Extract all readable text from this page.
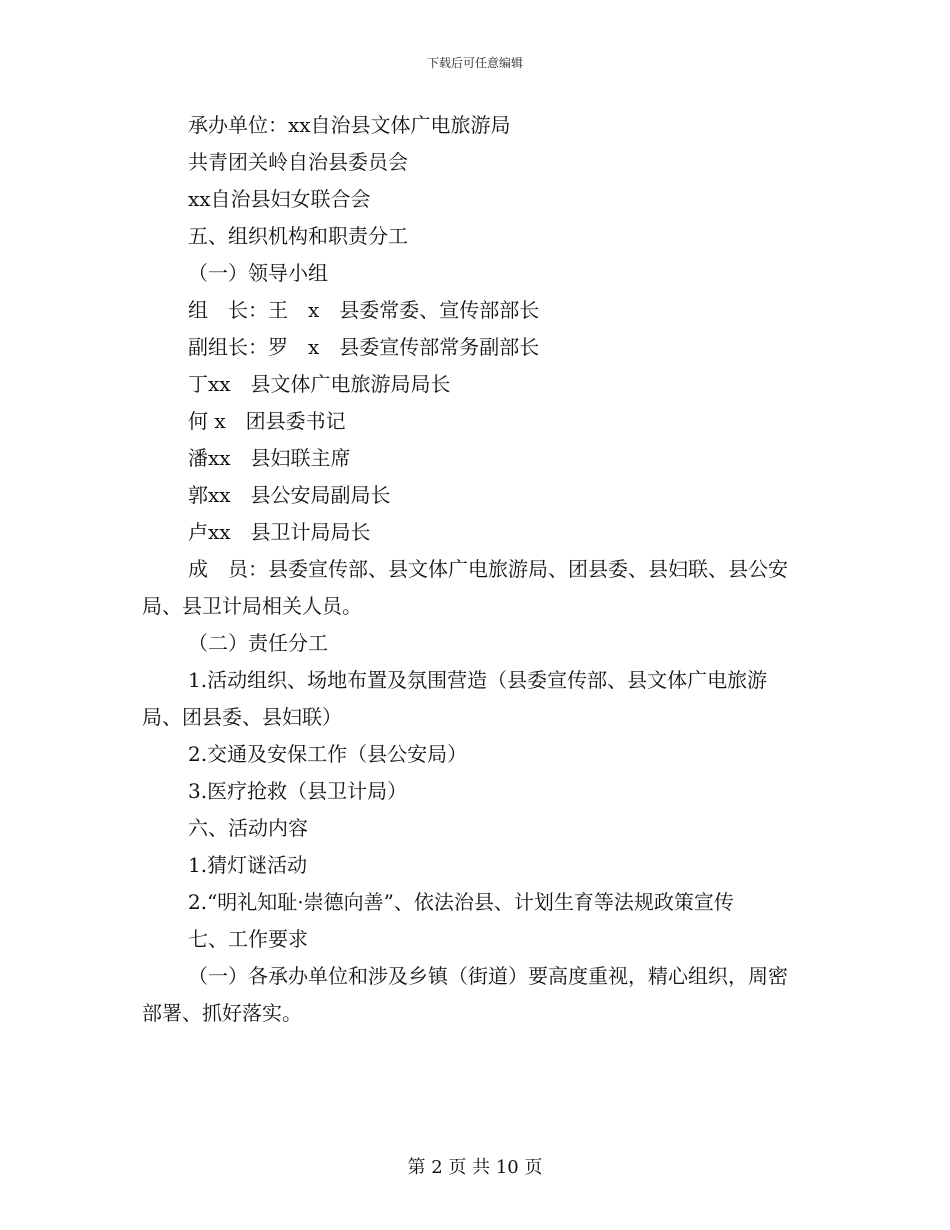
下载后可任意编辑

承办单位：xx自治县文体广电旅游局

共青团关岭自治县委员会

xx自治县妇女联合会

五、组织机构和职责分工

（一）领导小组

组　长：王　x　县委常委、宣传部部长

副组长：罗　x　县委宣传部常务副部长

丁xx　县文体广电旅游局局长

何 x　团县委书记

潘xx　县妇联主席

郭xx　县公安局副局长

卢xx　县卫计局局长

成　员：县委宣传部、县文体广电旅游局、团县委、县妇联、县公安局、县卫计局相关人员。

（二）责任分工

1.活动组织、场地布置及氛围营造（县委宣传部、县文体广电旅游局、团县委、县妇联）

2.交通及安保工作（县公安局）

3.医疗抢救（县卫计局）

六、活动内容

1.猜灯谜活动

2.“明礼知耻·崇德向善”、依法治县、计划生育等法规政策宣传

七、工作要求

（一）各承办单位和涉及乡镇（街道）要高度重视，精心组织，周密部署、抓好落实。

第 2 页 共 10 页
